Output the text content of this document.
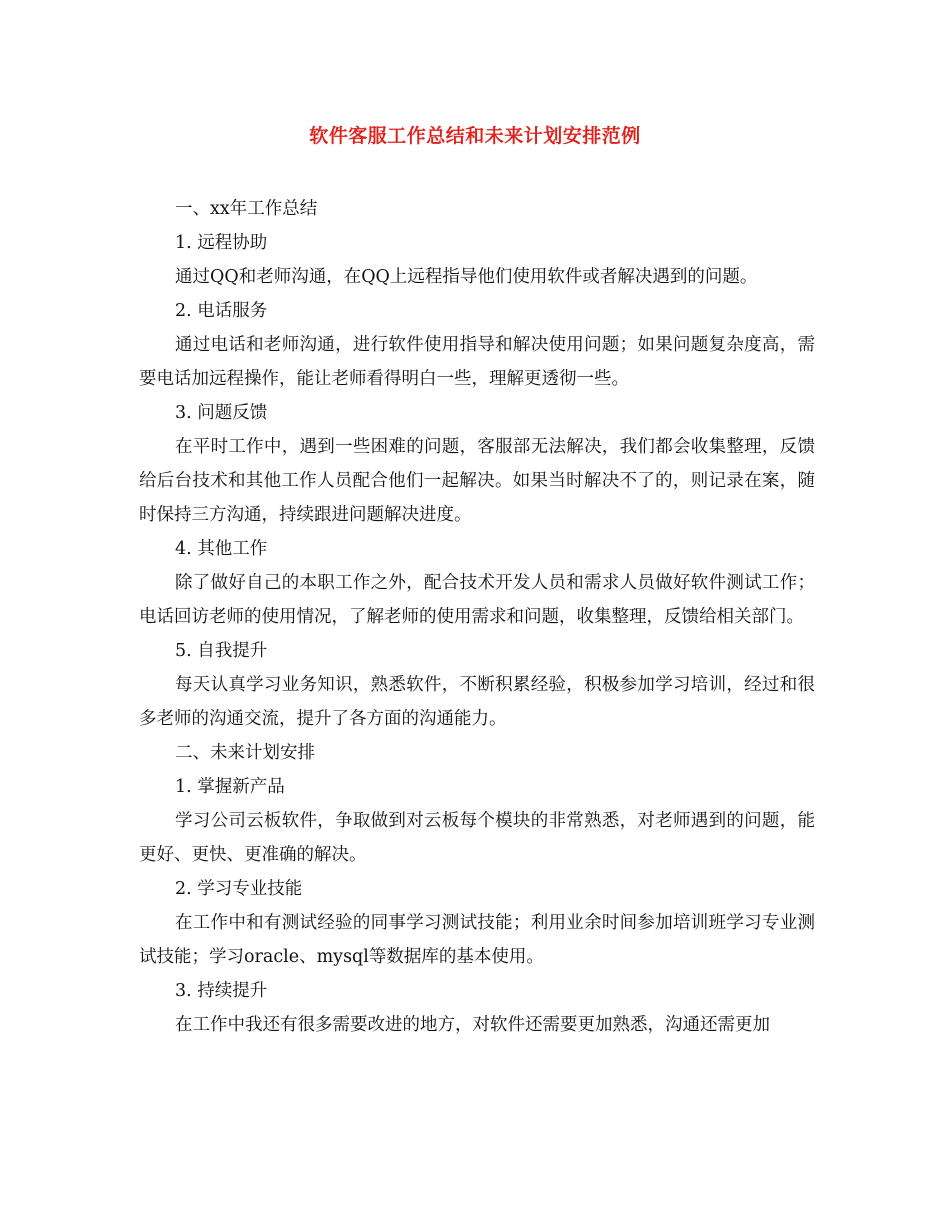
软件客服工作总结和未来计划安排范例

一、xx年工作总结

1. 远程协助

通过QQ和老师沟通，在QQ上远程指导他们使用软件或者解决遇到的问题。

2. 电话服务

通过电话和老师沟通，进行软件使用指导和解决使用问题；如果问题复杂度高，需要电话加远程操作，能让老师看得明白一些，理解更透彻一些。

3. 问题反馈

在平时工作中，遇到一些困难的问题，客服部无法解决，我们都会收集整理，反馈给后台技术和其他工作人员配合他们一起解决。如果当时解决不了的，则记录在案，随时保持三方沟通，持续跟进问题解决进度。

4. 其他工作

除了做好自己的本职工作之外，配合技术开发人员和需求人员做好软件测试工作；电话回访老师的使用情况，了解老师的使用需求和问题，收集整理，反馈给相关部门。

5. 自我提升

每天认真学习业务知识，熟悉软件，不断积累经验，积极参加学习培训，经过和很多老师的沟通交流，提升了各方面的沟通能力。

二、未来计划安排

1. 掌握新产品

学习公司云板软件，争取做到对云板每个模块的非常熟悉，对老师遇到的问题，能更好、更快、更准确的解决。

2. 学习专业技能

在工作中和有测试经验的同事学习测试技能；利用业余时间参加培训班学习专业测试技能；学习oracle、mysql等数据库的基本使用。

3. 持续提升

在工作中我还有很多需要改进的地方，对软件还需要更加熟悉，沟通还需更加
